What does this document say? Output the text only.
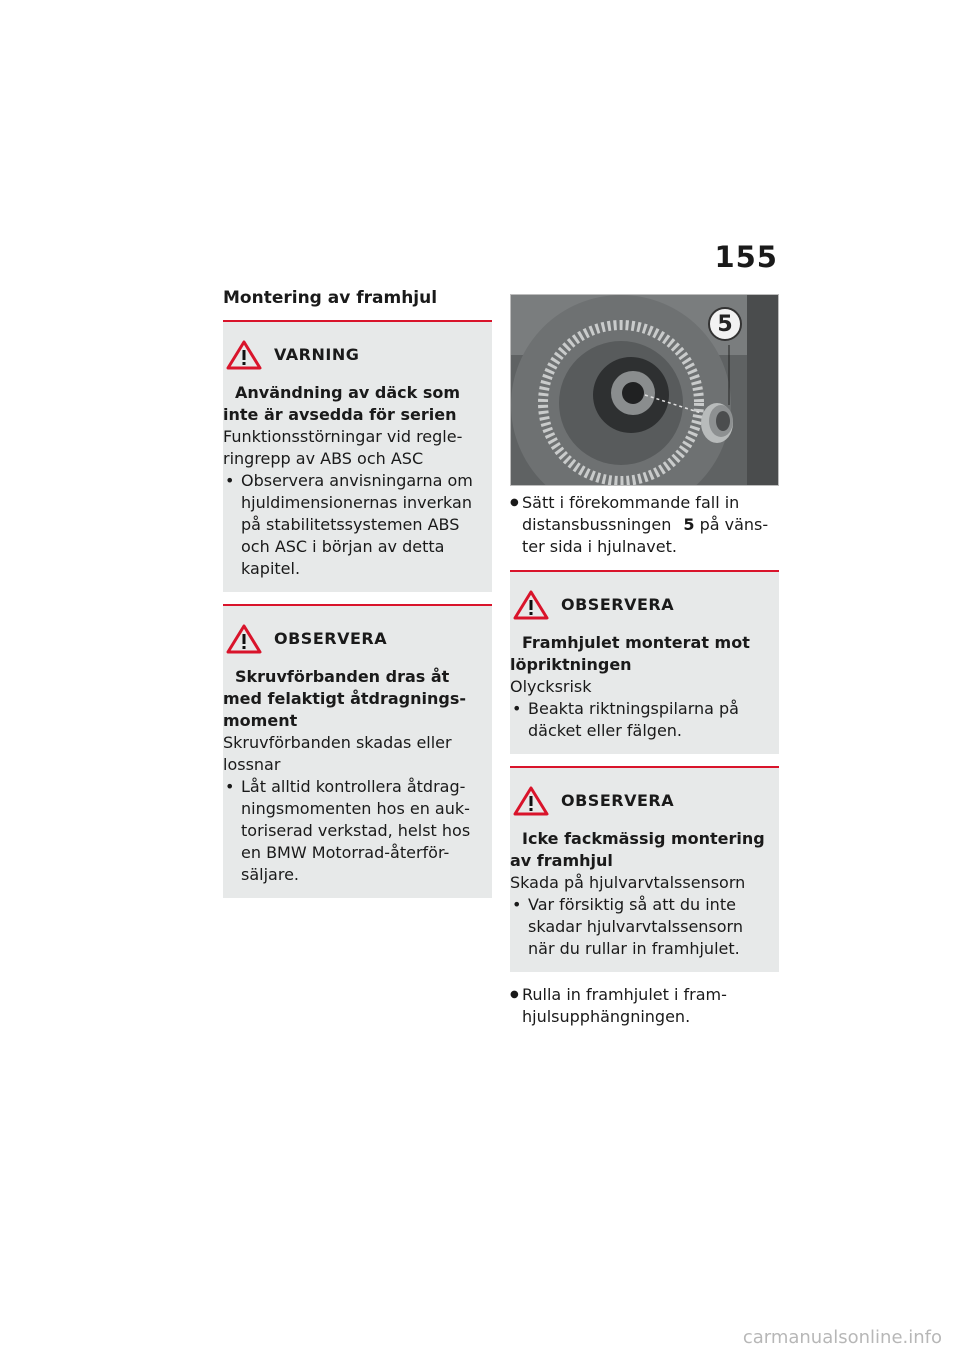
155
Montering av framhjul
VARNING

Användning av däck som

inte är avsedda för serien

Funktionsstörningar vid regle-

ringrepp av ABS och ASC

• Observera anvisningarna om

hjuldimensionernas inverkan

på stabilitetssystemen ABS

och ASC i början av detta

kapitel.

OBSERVERA

Skruvförbanden dras åt

med felaktigt åtdragnings-

moment

Skruvförbanden skadas eller

lossnar

• Låt alltid kontrollera åtdrag-

ningsmomenten hos en auk-

toriserad verkstad, helst hos

en BMW Motorrad-återför-

säljare.

5
● Sätt i förekommande fall in
distansbussningen 5 på väns-
ter sida i hjulnavet.
OBSERVERA

Framhjulet monterat mot

löpriktningen

Olycksrisk

• Beakta riktningspilarna på

däcket eller fälgen.

OBSERVERA

Icke fackmässig montering

av framhjul

Skada på hjulvarvtalssensorn

• Var försiktig så att du inte

skadar hjulvarvtalssensorn

när du rullar in framhjulet.

● Rulla in framhjulet i fram-
hjulsupphängningen.
carmanualsonline.info
